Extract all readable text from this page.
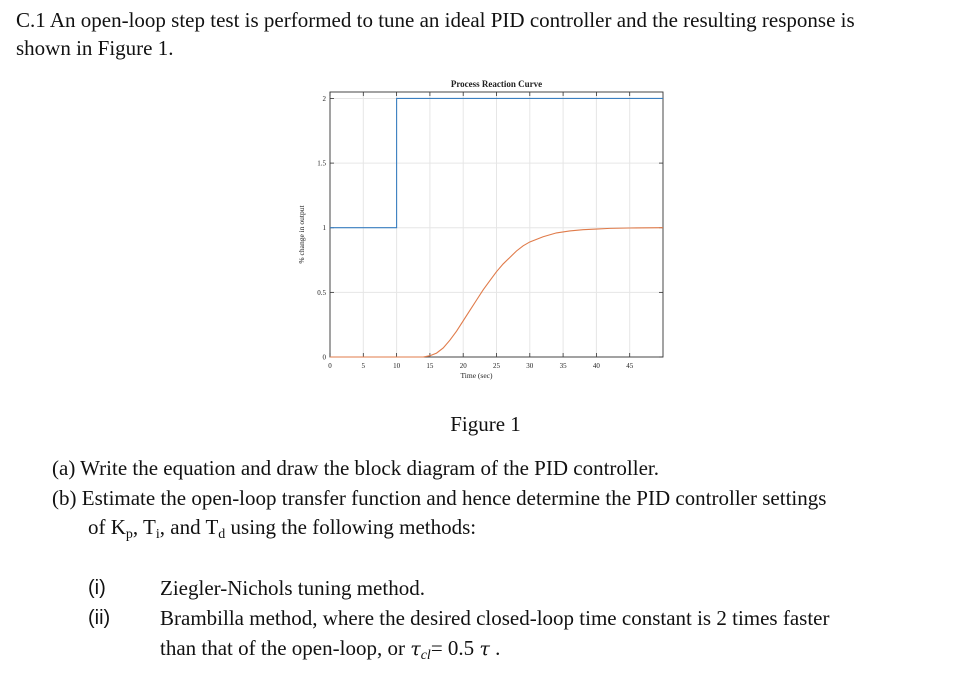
C.1 An open-loop step test is performed to tune an ideal PID controller and the resulting response is
shown in Figure 1.
0	5	10	15	20	25	30	35	40	45
0
0.5
1
1.5
2
Process Reaction Curve
Time (sec)
% change in output
Figure 1
(a) Write the equation and draw the block diagram of the PID controller.
(b) Estimate the open-loop transfer function and hence determine the PID controller settings
of $K_p$, $T_i$, and $T_d$ using the following methods:
(i)	Ziegler-Nichols tuning method.
(ii) Brambilla method, where the desired closed-loop time constant is 2 times faster
than that of the open-loop, or $\tau_{cl}= 0.5$ τ .
